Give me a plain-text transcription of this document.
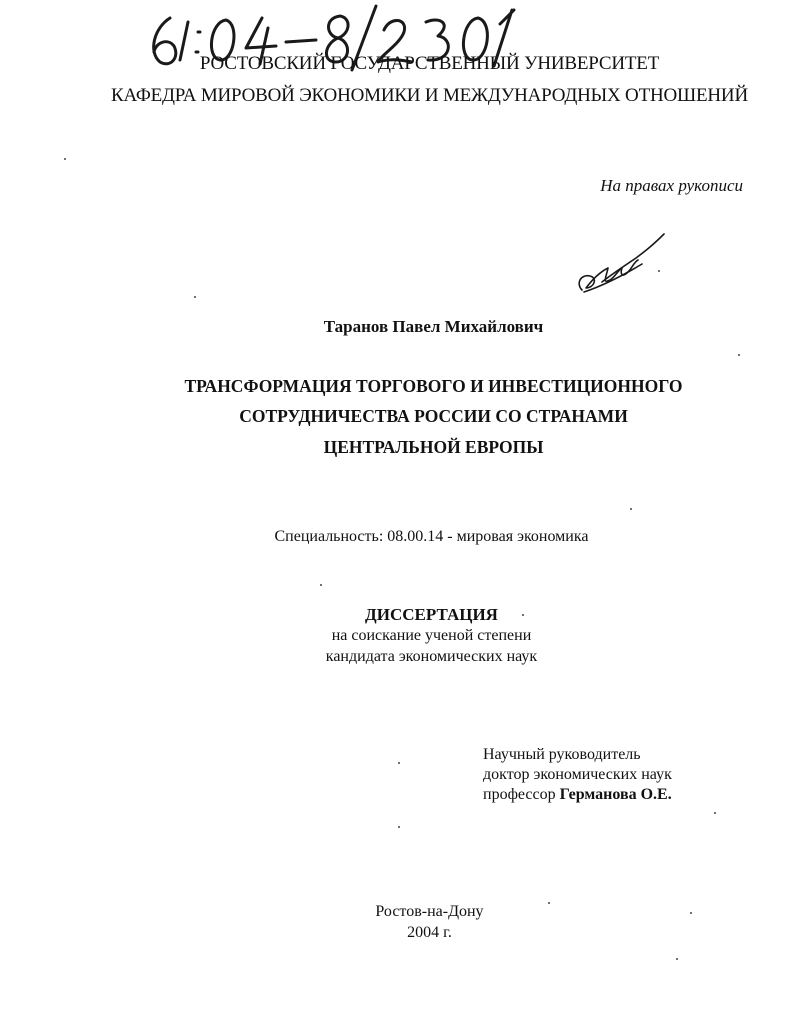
РОСТОВСКИЙ ГОСУДАРСТВЕННЫЙ УНИВЕРСИТЕТ
КАФЕДРА МИРОВОЙ ЭКОНОМИКИ И МЕЖДУНАРОДНЫХ ОТНОШЕНИЙ
На правах рукописи
Таранов Павел Михайлович
ТРАНСФОРМАЦИЯ ТОРГОВОГО И ИНВЕСТИЦИОННОГО
СОТРУДНИЧЕСТВА РОССИИ СО СТРАНАМИ
ЦЕНТРАЛЬНОЙ ЕВРОПЫ
Специальность: 08.00.14 - мировая экономика
ДИССЕРТАЦИЯ
на соискание ученой степени
кандидата экономических наук
Научный руководитель
доктор экономических наук
профессор Германова О.Е.
Ростов-на-Дону
2004 г.
